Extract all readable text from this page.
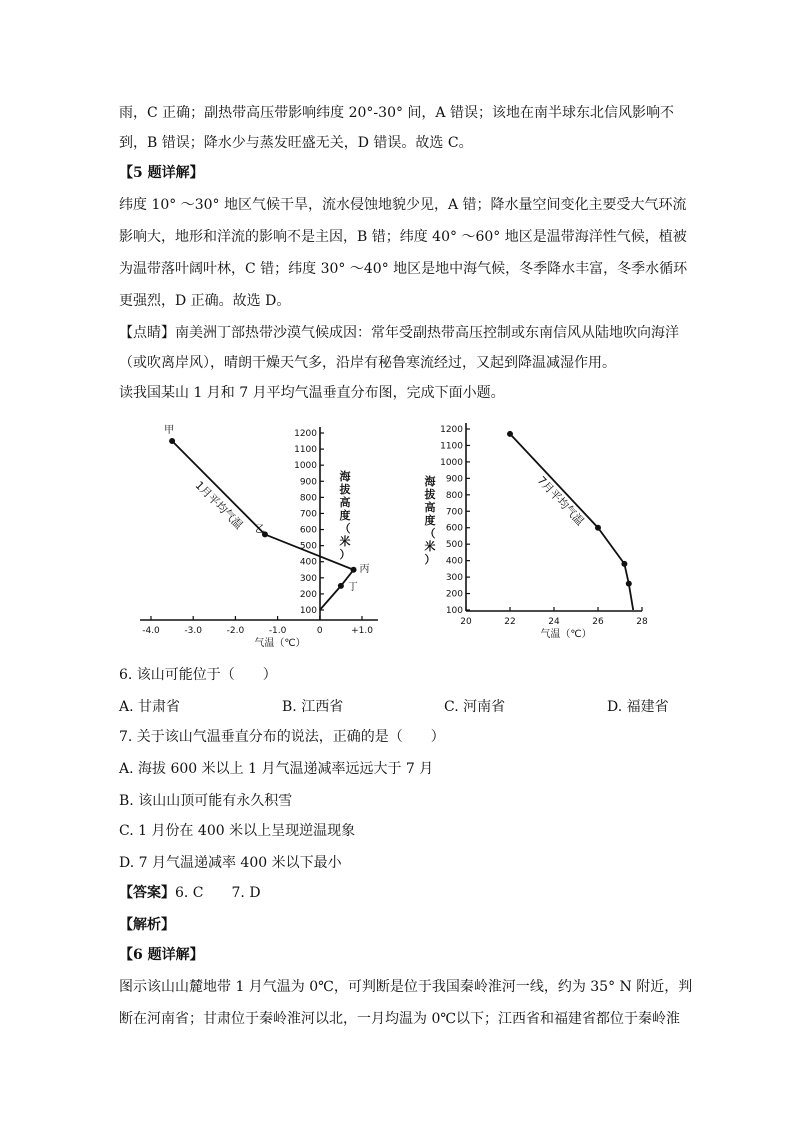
雨，C 正确；副热带高压带影响纬度 20°-30° 间，A 错误；该地在南半球东北信风影响不
到，B 错误；降水少与蒸发旺盛无关，D 错误。故选 C。
【5 题详解】
纬度 10° ～30° 地区气候干旱，流水侵蚀地貌少见，A 错；降水量空间变化主要受大气环流
影响大，地形和洋流的影响不是主因，B 错；纬度 40° ～60° 地区是温带海洋性气候，植被
为温带落叶阔叶林，C 错；纬度 30° ～40° 地区是地中海气候，冬季降水丰富，冬季水循环
更强烈，D 正确。故选 D。
【点睛】南美洲丁部热带沙漠气候成因：常年受副热带高压控制或东南信风从陆地吹向海洋
（或吹离岸风），晴朗干燥天气多，沿岸有秘鲁寒流经过，又起到降温减湿作用。
读我国某山 1 月和 7 月平均气温垂直分布图，完成下面小题。
-4.0	-3.0	-2.0	-1.0	0	+1.0
气温（℃）
100
200
300
400
500
600
700
800
900
1000
1100
1200
海
拔
高
度
（
米
）
甲
乙
丙
丁
1月平均气温
20	22	24	26	28
气温（℃）
100
200
300
400
500
600
700
800
900
1000
1100
1200
海
拔
高
度
（
米
）
7月平均气温
6. 该山可能位于（　　）
A. 甘肃省	B. 江西省	C. 河南省	D. 福建省
7. 关于该山气温垂直分布的说法，正确的是（　　）
A. 海拔 600 米以上 1 月气温递减率远远大于 7 月
B. 该山山顶可能有永久积雪
C. 1 月份在 400 米以上呈现逆温现象
D. 7 月气温递减率 400 米以下最小
【答案】6. C　　7. D
【解析】
【6 题详解】
图示该山山麓地带 1 月气温为 0℃，可判断是位于我国秦岭淮河一线，约为 35° N 附近，判
断在河南省；甘肃位于秦岭淮河以北，一月均温为 0℃以下；江西省和福建省都位于秦岭淮
